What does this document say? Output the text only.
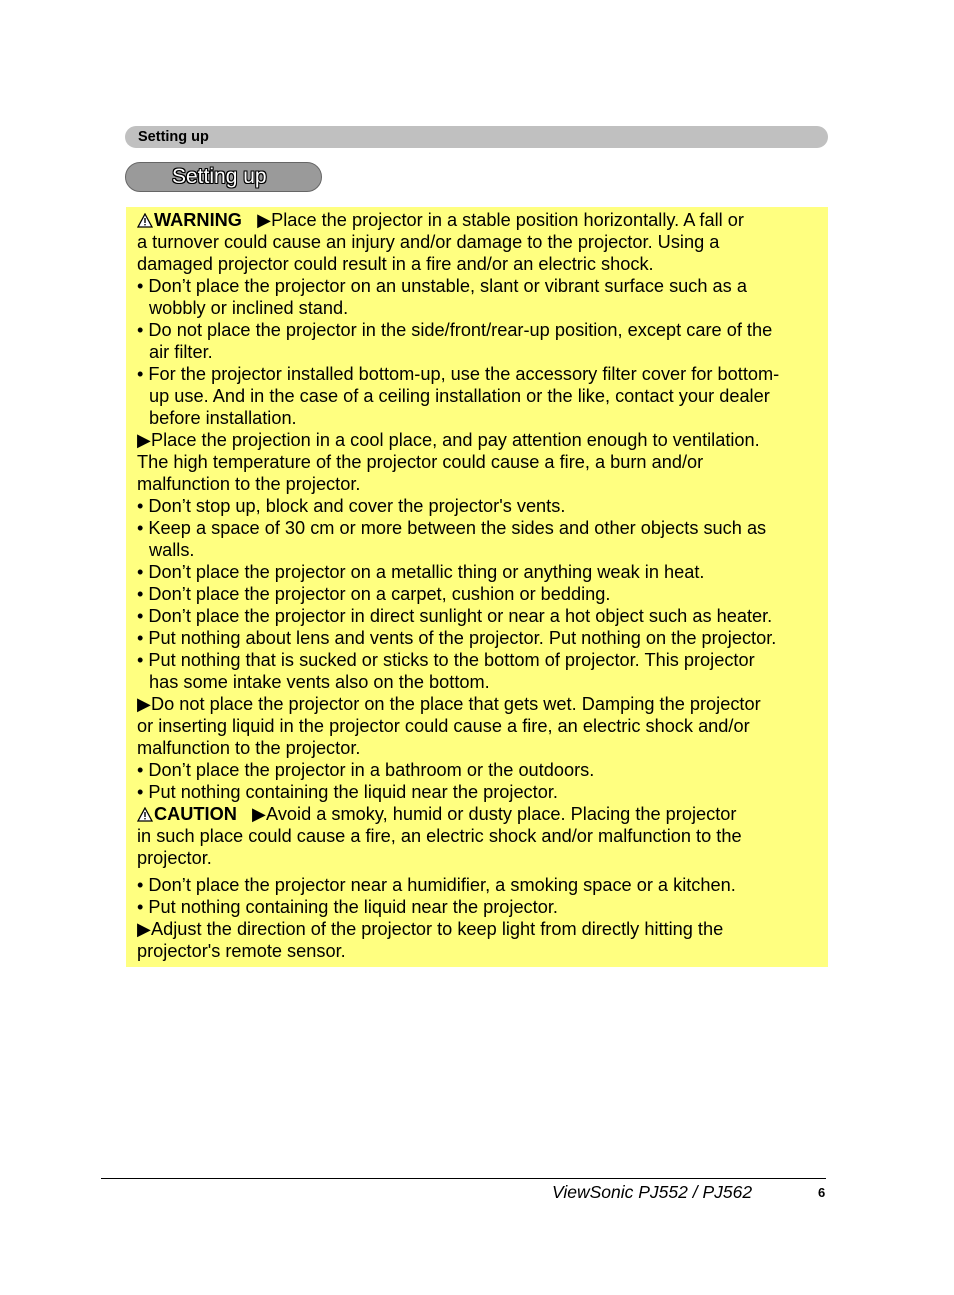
Setting up
Setting up
WARNING ▶Place the projector in a stable position horizontally. A fall or
a turnover could cause an injury and/or damage to the projector. Using a
damaged projector could result in a fire and/or an electric shock.
• Don’t place the projector on an unstable, slant or vibrant surface such as a
wobbly or inclined stand.
• Do not place the projector in the side/front/rear-up position, except care of the
air filter.
• For the projector installed bottom-up, use the accessory filter cover for bottom-
up use. And in the case of a ceiling installation or the like, contact your dealer
before installation.
▶Place the projection in a cool place, and pay attention enough to ventilation.
The high temperature of the projector could cause a fire, a burn and/or
malfunction to the projector.
• Don’t stop up, block and cover the projector's vents.
• Keep a space of 30 cm or more between the sides and other objects such as
walls.
• Don’t place the projector on a metallic thing or anything weak in heat.
• Don’t place the projector on a carpet, cushion or bedding.
• Don’t place the projector in direct sunlight or near a hot object such as heater.
• Put nothing about lens and vents of the projector. Put nothing on the projector.
• Put nothing that is sucked or sticks to the bottom of projector. This projector
has some intake vents also on the bottom.
▶Do not place the projector on the place that gets wet. Damping the projector
or inserting liquid in the projector could cause a fire, an electric shock and/or
malfunction to the projector.
• Don’t place the projector in a bathroom or the outdoors.
• Put nothing containing the liquid near the projector.
CAUTION ▶Avoid a smoky, humid or dusty place. Placing the projector
in such place could cause a fire, an electric shock and/or malfunction to the
projector.
• Don’t place the projector near a humidifier, a smoking space or a kitchen.
• Put nothing containing the liquid near the projector.
▶Adjust the direction of the projector to keep light from directly hitting the
projector's remote sensor.
ViewSonic PJ552 / PJ562	6
